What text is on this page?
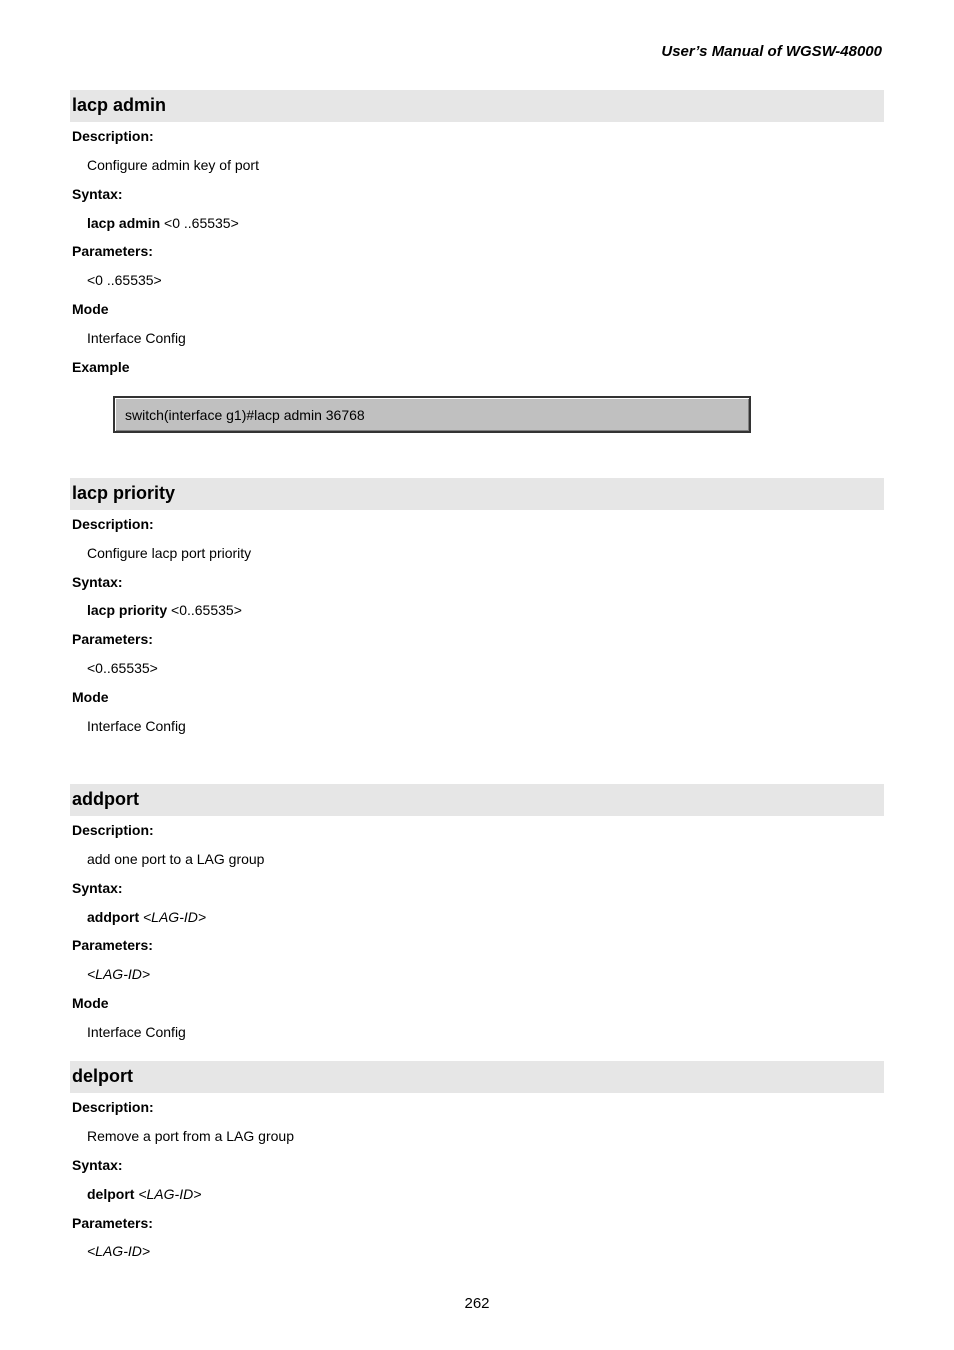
User’s Manual of WGSW-48000
lacp admin
Description:
Configure admin key of port
Syntax:
lacp admin <0 ..65535>
Parameters:
<0 ..65535>
Mode
Interface Config
Example
switch(interface g1)#lacp admin 36768
lacp priority
Description:
Configure lacp port priority
Syntax:
lacp priority <0..65535>
Parameters:
<0..65535>
Mode
Interface Config
addport
Description:
add one port to a LAG group
Syntax:
addport <LAG-ID>
Parameters:
<LAG-ID>
Mode
Interface Config
delport
Description:
Remove a port from a LAG group
Syntax:
delport <LAG-ID>
Parameters:
<LAG-ID>
262
